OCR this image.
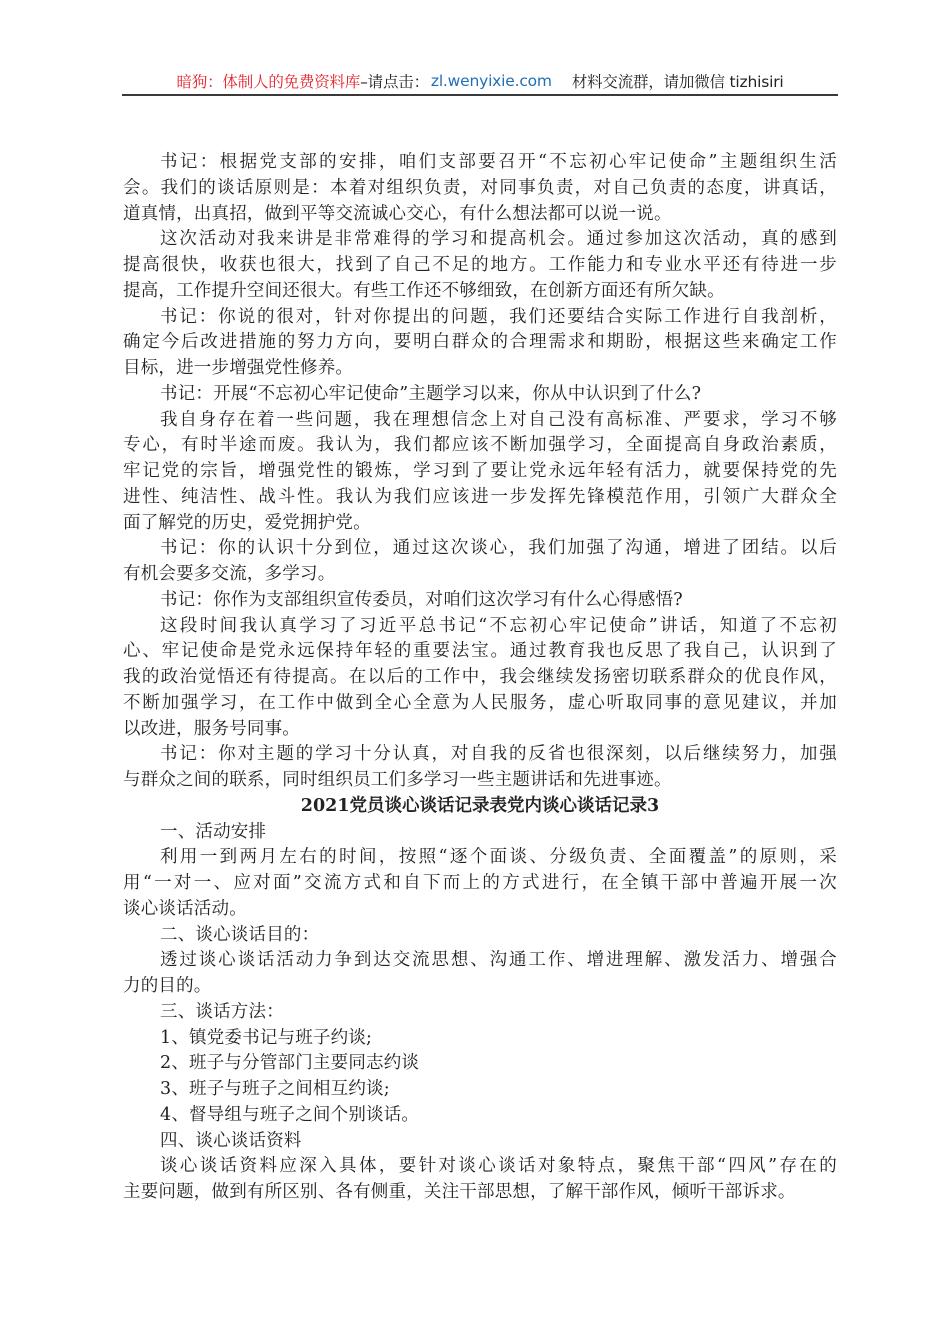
暗狗：体制人的免费资料库 –请点击： zl.wenyixie.com 材料交流群，请加微信 tizhisiri
书记：根据党支部的安排，咱们支部要召开“不忘初心牢记使命”主题组织生活
会。我们的谈话原则是：本着对组织负责，对同事负责，对自己负责的态度，讲真话，
道真情，出真招，做到平等交流诚心交心，有什么想法都可以说一说。
这次活动对我来讲是非常难得的学习和提高机会。通过参加这次活动，真的感到
提高很快，收获也很大，找到了自己不足的地方。工作能力和专业水平还有待进一步
提高，工作提升空间还很大。有些工作还不够细致，在创新方面还有所欠缺。
书记：你说的很对，针对你提出的问题，我们还要结合实际工作进行自我剖析，
确定今后改进措施的努力方向，要明白群众的合理需求和期盼，根据这些来确定工作
目标，进一步增强党性修养。
书记：开展“不忘初心牢记使命”主题学习以来，你从中认识到了什么?
我自身存在着一些问题，我在理想信念上对自己没有高标准、严要求，学习不够
专心，有时半途而废。我认为，我们都应该不断加强学习，全面提高自身政治素质，
牢记党的宗旨，增强党性的锻炼，学习到了要让党永远年轻有活力，就要保持党的先
进性、纯洁性、战斗性。我认为我们应该进一步发挥先锋模范作用，引领广大群众全
面了解党的历史，爱党拥护党。
书记：你的认识十分到位，通过这次谈心，我们加强了沟通，增进了团结。以后
有机会要多交流，多学习。
书记：你作为支部组织宣传委员，对咱们这次学习有什么心得感悟?
这段时间我认真学习了习近平总书记“不忘初心牢记使命”讲话，知道了不忘初
心、牢记使命是党永远保持年轻的重要法宝。通过教育我也反思了我自己，认识到了
我的政治觉悟还有待提高。在以后的工作中，我会继续发扬密切联系群众的优良作风，
不断加强学习，在工作中做到全心全意为人民服务，虚心听取同事的意见建议，并加
以改进，服务号同事。
书记：你对主题的学习十分认真，对自我的反省也很深刻，以后继续努力，加强
与群众之间的联系，同时组织员工们多学习一些主题讲话和先进事迹。
2021党员谈心谈话记录表党内谈心谈话记录3
一、活动安排
利用一到两月左右的时间，按照“逐个面谈、分级负责、全面覆盖”的原则，采
用“一对一、应对面”交流方式和自下而上的方式进行，在全镇干部中普遍开展一次
谈心谈话活动。
二、谈心谈话目的：
透过谈心谈话活动力争到达交流思想、沟通工作、增进理解、激发活力、增强合
力的目的。
三、谈话方法：
1、镇党委书记与班子约谈;
2、班子与分管部门主要同志约谈
3、班子与班子之间相互约谈;
4、督导组与班子之间个别谈话。
四、谈心谈话资料
谈心谈话资料应深入具体，要针对谈心谈话对象特点，聚焦干部“四风”存在的
主要问题，做到有所区别、各有侧重，关注干部思想，了解干部作风，倾听干部诉求。
